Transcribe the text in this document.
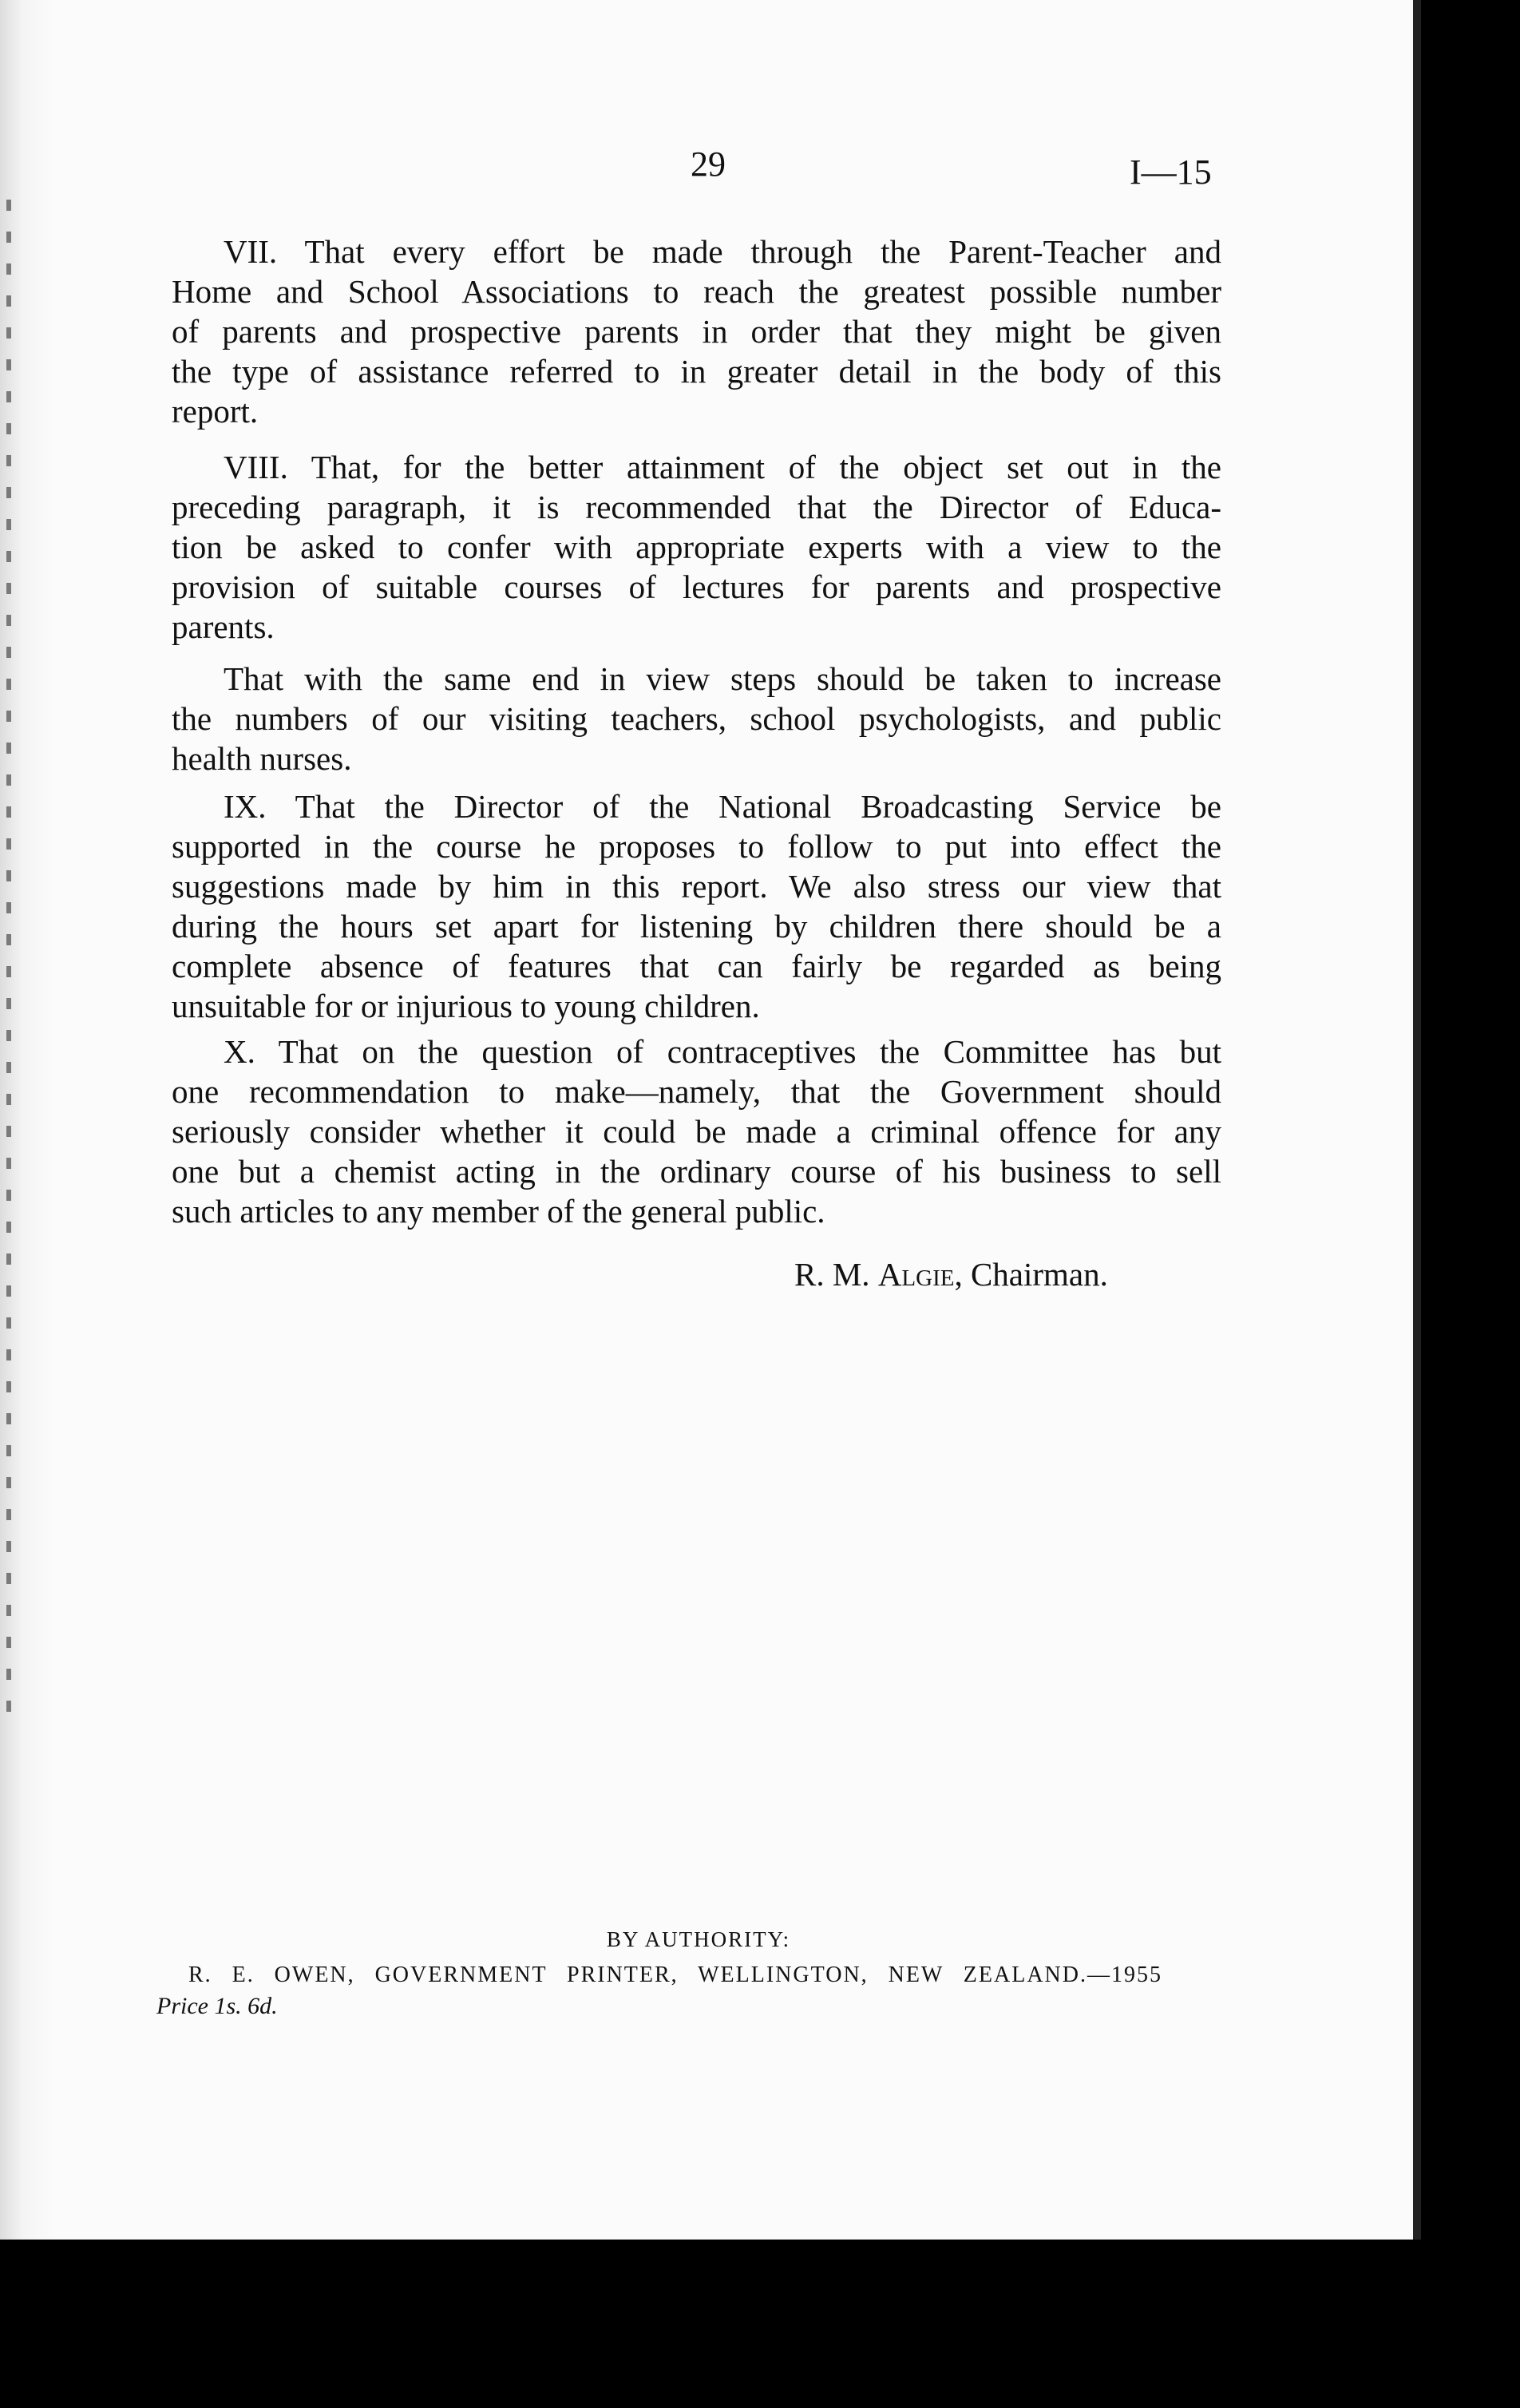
29	I—15
VII. That every effort be made through the Parent-Teacher and
Home and School Associations to reach the greatest possible number
of parents and prospective parents in order that they might be given
the type of assistance referred to in greater detail in the body of this
report.
VIII. That, for the better attainment of the object set out in the
preceding paragraph, it is recommended that the Director of Educa-
tion be asked to confer with appropriate experts with a view to the
provision of suitable courses of lectures for parents and prospective
parents.
That with the same end in view steps should be taken to increase
the numbers of our visiting teachers, school psychologists, and public
health nurses.
IX. That the Director of the National Broadcasting Service be
supported in the course he proposes to follow to put into effect the
suggestions made by him in this report. We also stress our view that
during the hours set apart for listening by children there should be a
complete absence of features that can fairly be regarded as being
unsuitable for or injurious to young children.
X. That on the question of contraceptives the Committee has but
one recommendation to make—namely, that the Government should
seriously consider whether it could be made a criminal offence for any
one but a chemist acting in the ordinary course of his business to sell
such articles to any member of the general public.
R. M. Algie, Chairman.
BY AUTHORITY:
R. E. OWEN, GOVERNMENT PRINTER, WELLINGTON, NEW ZEALAND.—1955
Price 1s. 6d.
